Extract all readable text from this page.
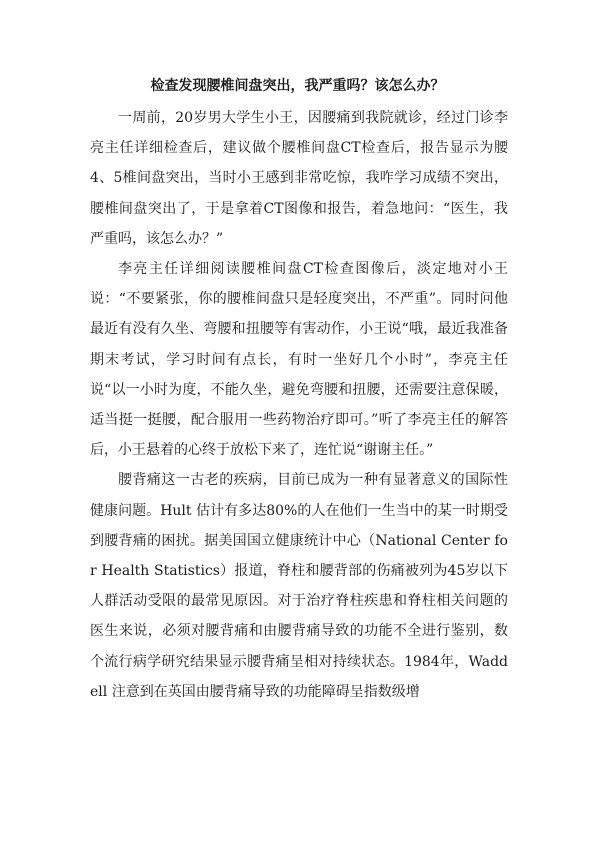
检查发现腰椎间盘突出，我严重吗？该怎么办？

一周前，20岁男大学生小王，因腰痛到我院就诊，经过门诊李亮主任详细检查后，建议做个腰椎间盘CT检查后，报告显示为腰4、5椎间盘突出，当时小王感到非常吃惊，我咋学习成绩不突出，腰椎间盘突出了，于是拿着CT图像和报告，着急地问：“医生，我严重吗，该怎么办？”

李亮主任详细阅读腰椎间盘CT检查图像后，淡定地对小王说：“不要紧张，你的腰椎间盘只是轻度突出，不严重”。同时问他最近有没有久坐、弯腰和扭腰等有害动作，小王说“哦，最近我准备期末考试，学习时间有点长，有时一坐好几个小时”，李亮主任说“以一小时为度，不能久坐，避免弯腰和扭腰，还需要注意保暖，适当挺一挺腰，配合服用一些药物治疗即可。”听了李亮主任的解答后，小王悬着的心终于放松下来了，连忙说“谢谢主任。”

腰背痛这一古老的疾病，目前已成为一种有显著意义的国际性健康问题。Hult 估计有多达80%的人在他们一生当中的某一时期受到腰背痛的困扰。据美国国立健康统计中心（National Center for Health Statistics）报道，脊柱和腰背部的伤痛被列为45岁以下人群活动受限的最常见原因。对于治疗脊柱疾患和脊柱相关问题的医生来说，必须对腰背痛和由腰背痛导致的功能不全进行鉴别，数个流行病学研究结果显示腰背痛呈相对持续状态。1984年，Waddell 注意到在英国由腰背痛导致的功能障碍呈指数级增
